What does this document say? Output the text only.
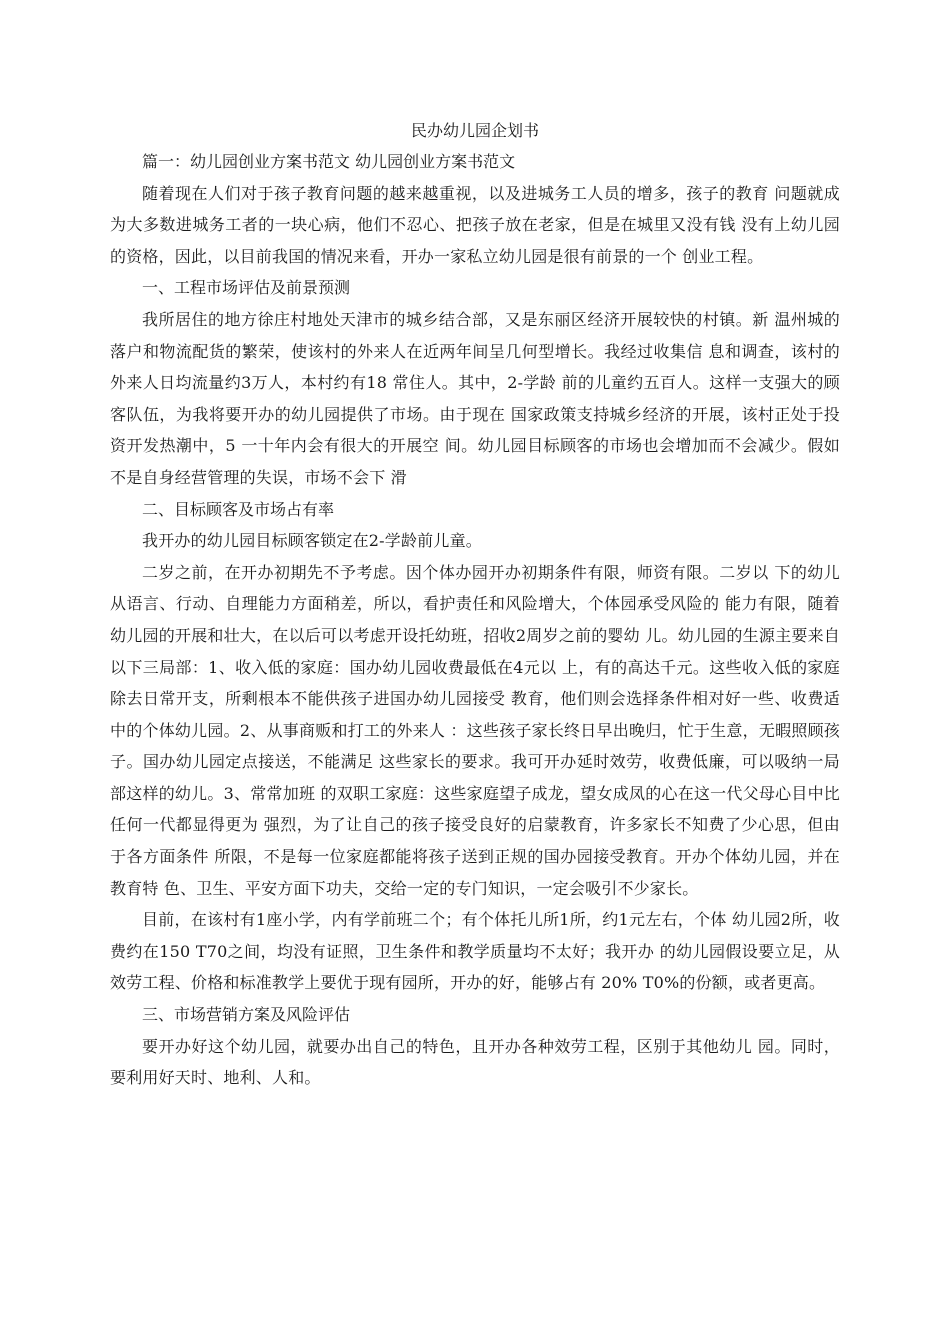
民办幼儿园企划书

篇一：幼儿园创业方案书范文 幼儿园创业方案书范文

随着现在人们对于孩子教育问题的越来越重视，以及进城务工人员的增多，孩子的教育 问题就成为大多数进城务工者的一块心病，他们不忍心、把孩子放在老家，但是在城里又没有钱 没有上幼儿园的资格，因此，以目前我国的情况来看，开办一家私立幼儿园是很有前景的一个 创业工程。

一、工程市场评估及前景预测

我所居住的地方徐庄村地处天津市的城乡结合部，又是东丽区经济开展较快的村镇。新 温州城的落户和物流配货的繁荣，使该村的外来人在近两年间呈几何型增长。我经过收集信 息和调查，该村的外来人日均流量约3万人，本村约有18 常住人。其中，2-学龄 前的儿童约五百人。这样一支强大的顾客队伍，为我将要开办的幼儿园提供了市场。由于现在 国家政策支持城乡经济的开展，该村正处于投资开发热潮中，5 一十年内会有很大的开展空 间。幼儿园目标顾客的市场也会增加而不会减少。假如不是自身经营管理的失误，市场不会下 滑

二、目标顾客及市场占有率

我开办的幼儿园目标顾客锁定在2-学龄前儿童。

二岁之前，在开办初期先不予考虑。因个体办园开办初期条件有限，师资有限。二岁以 下的幼儿从语言、行动、自理能力方面稍差，所以，看护责任和风险增大，个体园承受风险的 能力有限，随着幼儿园的开展和壮大，在以后可以考虑开设托幼班，招收2周岁之前的婴幼 儿。幼儿园的生源主要来自以下三局部：1、收入低的家庭：国办幼儿园收费最低在4元以 上，有的高达千元。这些收入低的家庭除去日常开支，所剩根本不能供孩子进国办幼儿园接受 教育，他们则会选择条件相对好一些、收费适中的个体幼儿园。2、从事商贩和打工的外来人 ：这些孩子家长终日早出晚归，忙于生意，无暇照顾孩子。国办幼儿园定点接送，不能满足 这些家长的要求。我可开办延时效劳，收费低廉，可以吸纳一局部这样的幼儿。3、常常加班 的双职工家庭：这些家庭望子成龙，望女成凤的心在这一代父母心目中比任何一代都显得更为 强烈，为了让自己的孩子接受良好的启蒙教育，许多家长不知费了少心思，但由于各方面条件 所限，不是每一位家庭都能将孩子送到正规的国办园接受教育。开办个体幼儿园，并在教育特 色、卫生、平安方面下功夫，交给一定的专门知识，一定会吸引不少家长。

目前，在该村有1座小学，内有学前班二个；有个体托儿所1所，约1元左右，个体 幼儿园2所，收费约在150 T70之间，均没有证照，卫生条件和教学质量均不太好；我开办 的幼儿园假设要立足，从效劳工程、价格和标准教学上要优于现有园所，开办的好，能够占有 20% T0%的份额，或者更高。

三、市场营销方案及风险评估

要开办好这个幼儿园，就要办出自己的特色，且开办各种效劳工程，区别于其他幼儿 园。同时，要利用好天时、地利、人和。
